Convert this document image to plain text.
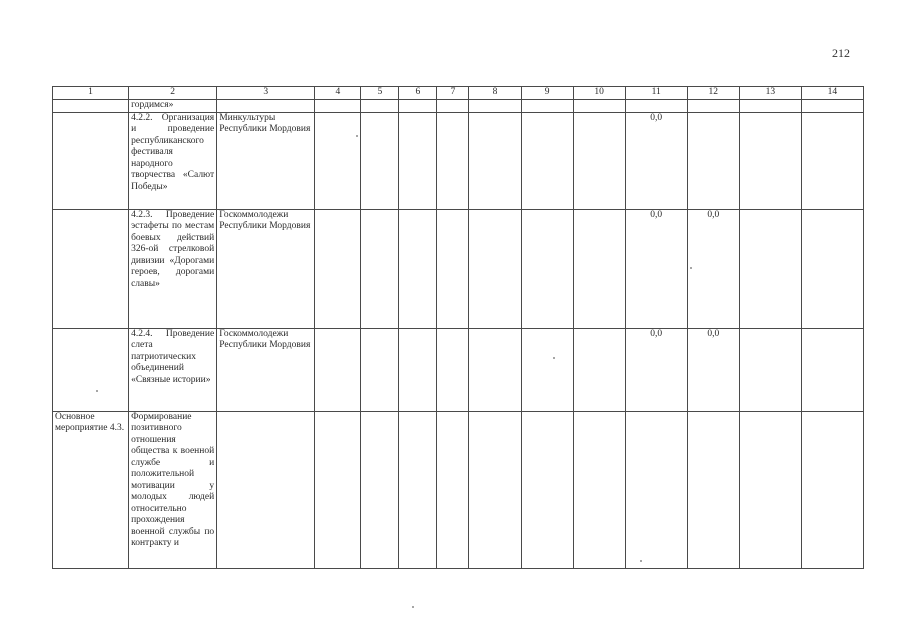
212
1	2	3	4	5	6	7	8	9	10	11	12	13	14
	гордимся»												
	4.2.2. Организация и проведение республиканского фестиваля народного творчества «Салют Победы»	Минкультуры Республики Мордовия								0,0			
	4.2.3. Проведение эстафеты по местам боевых действий 326-ой стрелковой дивизии «Дорогами героев, дорогами славы»	Госкоммолодежи Республики Мордовия								0,0	0,0		
	4.2.4. Проведение слета патриотических объединений «Связные истории»	Госкоммолодежи Республики Мордовия								0,0	0,0		
Основное мероприятие 4.3.	Формирование позитивного отношения общества к военной службе и положительной мотивации у молодых людей относительно прохождения военной службы по контракту и												
